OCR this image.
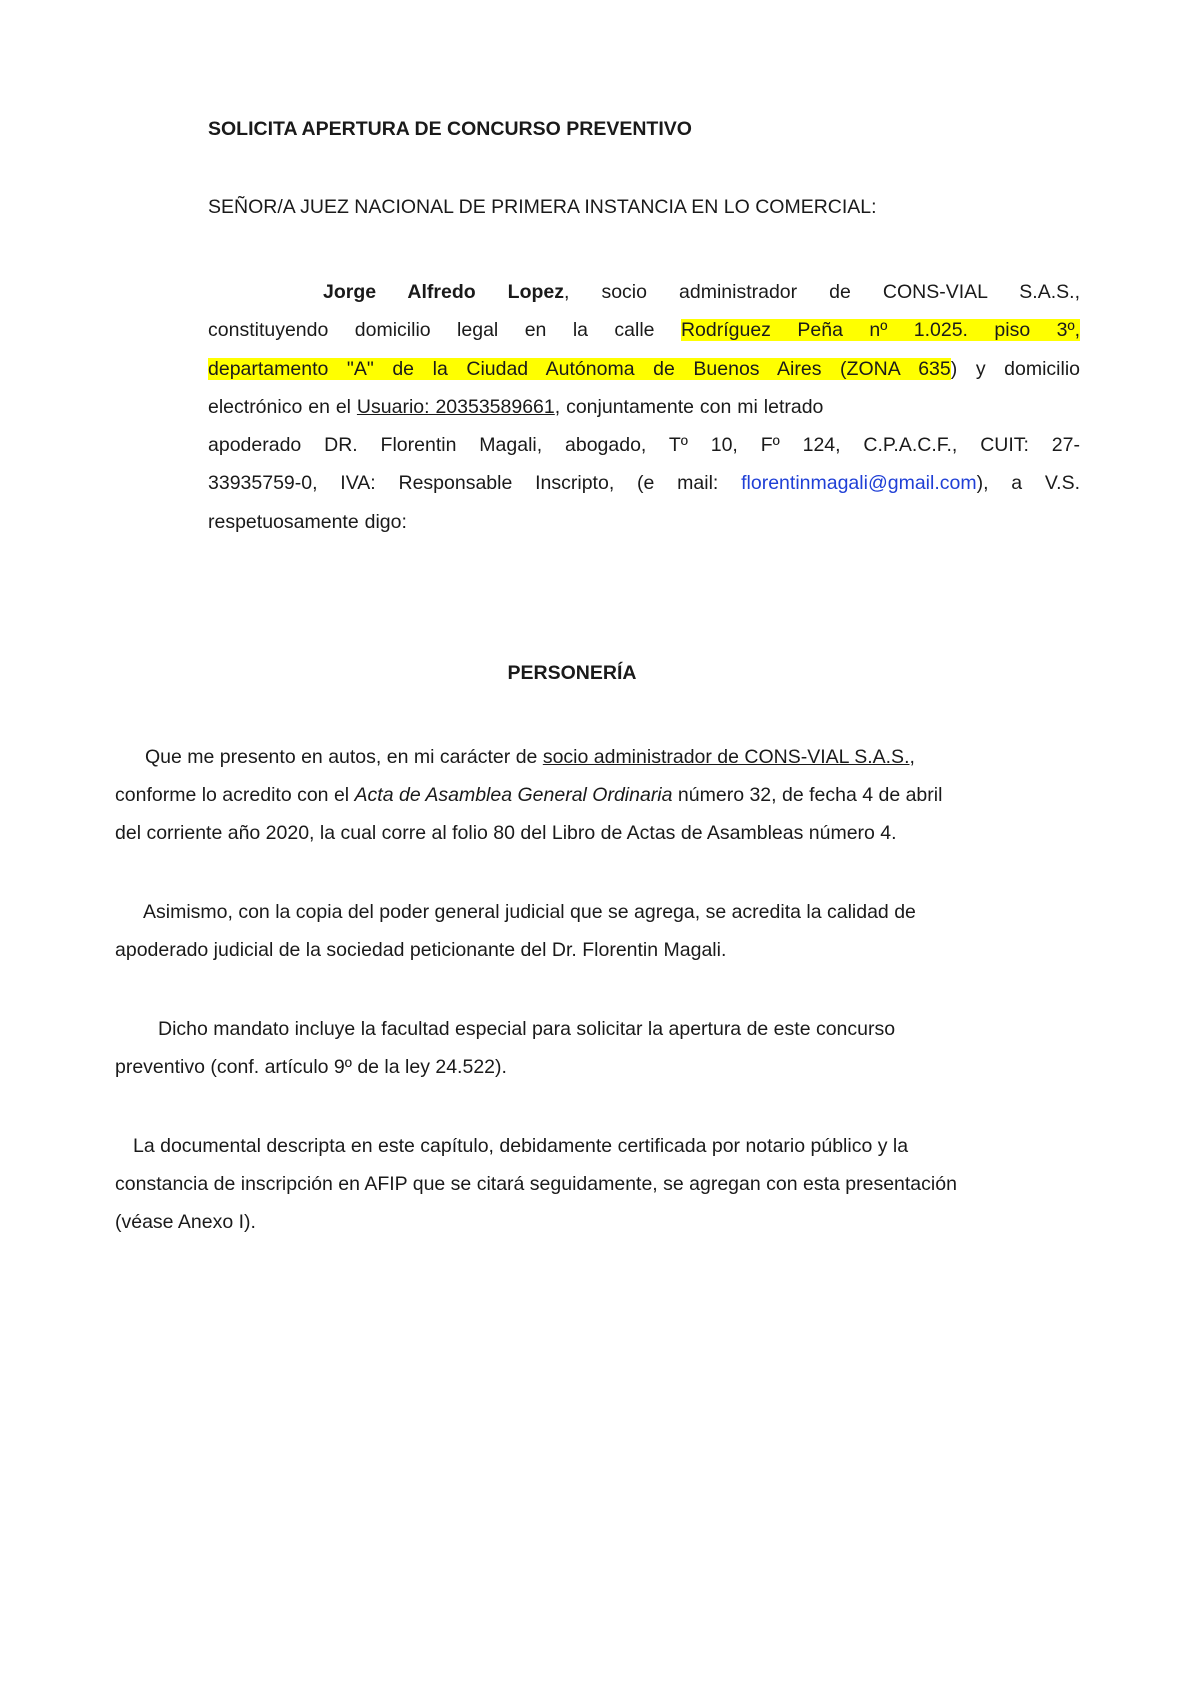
SOLICITA APERTURA DE CONCURSO PREVENTIVO
SEÑOR/A JUEZ NACIONAL DE PRIMERA INSTANCIA EN LO COMERCIAL:
Jorge Alfredo Lopez, socio administrador de CONS-VIAL S.A.S.,
constituyendo domicilio legal en la calle Rodríguez Peña nº 1.025. piso 3º,
departamento "A" de la Ciudad Autónoma de Buenos Aires (ZONA 635) y domicilio
electrónico en el Usuario: 20353589661, conjuntamente con mi letrado
apoderado DR. Florentin Magali, abogado, Tº 10, Fº 124, C.P.A.C.F., CUIT: 27-
33935759-0, IVA: Responsable Inscripto, (e mail: florentinmagali@gmail.com), a V.S.
respetuosamente digo:
PERSONERÍA
Que me presento en autos, en mi carácter de socio administrador de CONS-VIAL S.A.S.,
conforme lo acredito con el Acta de Asamblea General Ordinaria número 32, de fecha 4 de abril
del corriente año 2020, la cual corre al folio 80 del Libro de Actas de Asambleas número 4.
Asimismo, con la copia del poder general judicial que se agrega, se acredita la calidad de
apoderado judicial de la sociedad peticionante del Dr. Florentin Magali.
Dicho mandato incluye la facultad especial para solicitar la apertura de este concurso
preventivo (conf. artículo 9º de la ley 24.522).
La documental descripta en este capítulo, debidamente certificada por notario público y la
constancia de inscripción en AFIP que se citará seguidamente, se agregan con esta presentación
(véase Anexo I).
